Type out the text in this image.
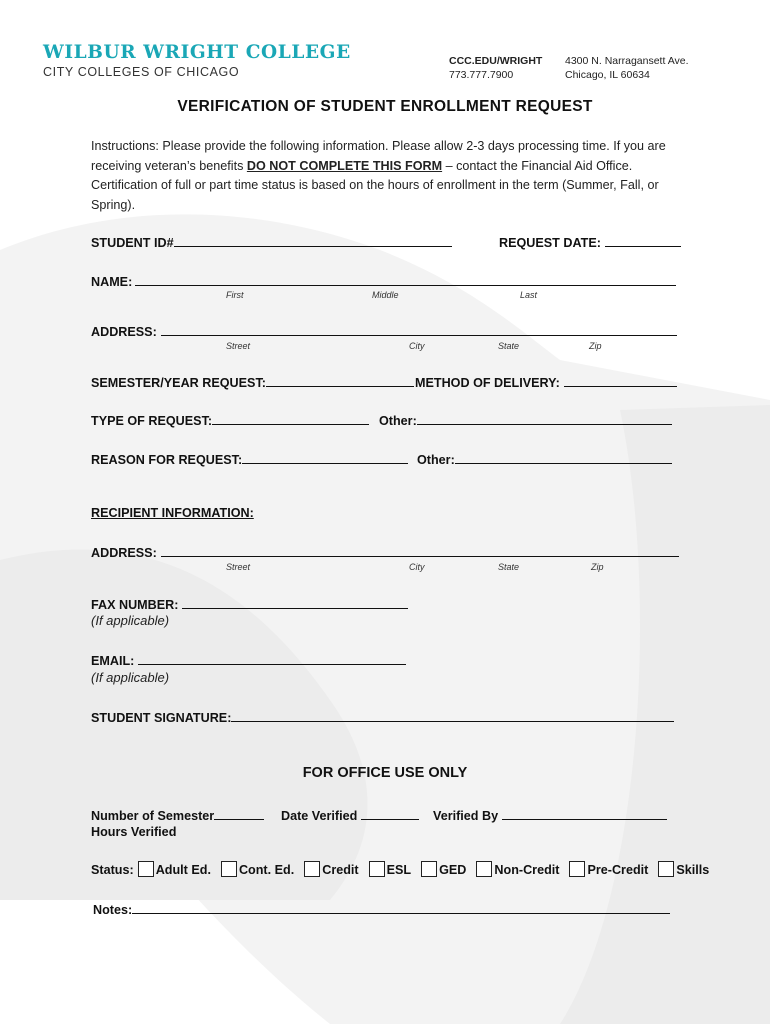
WILBUR WRIGHT COLLEGE
CITY COLLEGES OF CHICAGO
CCC.EDU/WRIGHT
773.777.7900
4300 N. Narragansett Ave.
Chicago, IL 60634
VERIFICATION OF STUDENT ENROLLMENT REQUEST
Instructions: Please provide the following information. Please allow 2-3 days processing time. If you are receiving veteran’s benefits DO NOT COMPLETE THIS FORM – contact the Financial Aid Office. Certification of full or part time status is based on the hours of enrollment in the term (Summer, Fall, or Spring).
STUDENT ID#	REQUEST DATE:
NAME:
First	Middle	Last
ADDRESS:
Street	City	State	Zip
SEMESTER/YEAR REQUEST:	METHOD OF DELIVERY:
TYPE OF REQUEST:	Other:
REASON FOR REQUEST:	Other:
RECIPIENT INFORMATION:
ADDRESS:
Street	City	State	Zip
FAX NUMBER:
(If applicable)
EMAIL:
(If applicable)
STUDENT SIGNATURE:
FOR OFFICE USE ONLY
Number of Semester
Hours Verified
Date Verified	Verified By
Status: Adult Ed. Cont. Ed. Credit ESL GED Non-Credit Pre-Credit Skills
Notes:
